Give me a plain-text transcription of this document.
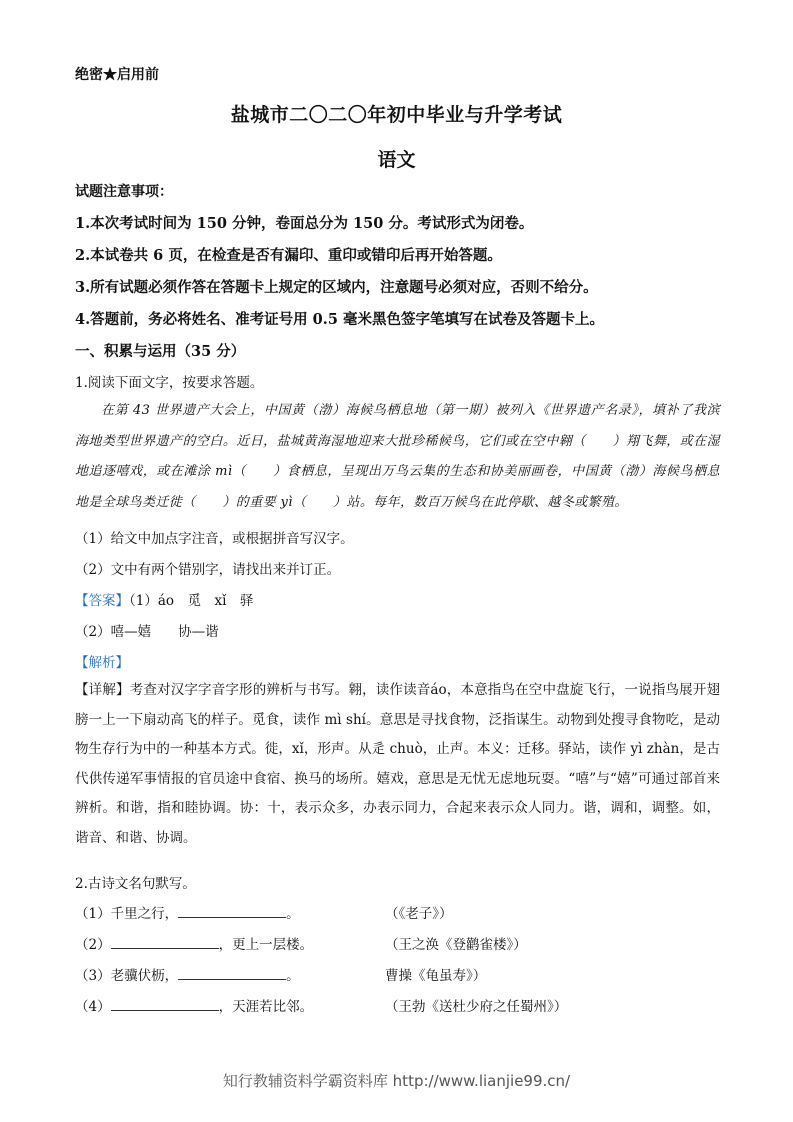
绝密★启用前
盐城市二〇二〇年初中毕业与升学考试
语文
试题注意事项：
1.本次考试时间为 150 分钟，卷面总分为 150 分。考试形式为闭卷。
2.本试卷共 6 页，在检查是否有漏印、重印或错印后再开始答题。
3.所有试题必须作答在答题卡上规定的区域内，注意题号必须对应，否则不给分。
4.答题前，务必将姓名、准考证号用 0.5 毫米黑色签字笔填写在试卷及答题卡上。
一、积累与运用（35 分）
1.阅读下面文字，按要求答题。
在第 43 世界遗产大会上，中国黄（渤）海候鸟栖息地（第一期）被列入《世界遗产名录》，填补了我滨海地类型世界遗产的空白。近日，盐城黄海湿地迎来大批珍稀候鸟，它们或在空中翱（　　）翔飞舞，或在湿地追逐嘻戏，或在滩涂 mì（　　）食栖息，呈现出万鸟云集的生态和协美丽画卷，中国黄（渤）海候鸟栖息地是全球鸟类迁徙（　　）的重要 yì（　　）站。每年，数百万候鸟在此停歇、越冬或繁殖。
（1）给文中加点字注音，或根据拼音写汉字。
（2）文中有两个错别字，请找出来并订正。
【答案】（1）áo　觅　xǐ　驿
（2）嘻—嬉　　协—谐
【解析】
【详解】考查对汉字字音字形的辨析与书写。翱，读作读音áo，本意指鸟在空中盘旋飞行，一说指鸟展开翅膀一上一下扇动高飞的样子。觅食，读作 mì shí。意思是寻找食物，泛指谋生。动物到处搜寻食物吃，是动物生存行为中的一种基本方式。徙，xǐ，形声。从辵 chuò，止声。本义：迁移。驿站，读作 yì zhàn，是古代供传递军事情报的官员途中食宿、换马的场所。嬉戏，意思是无忧无虑地玩耍。“嘻”与“嬉”可通过部首来辨析。和谐，指和睦协调。协：十，表示众多，办表示同力，合起来表示众人同力。谐，调和，调整。如，谐音、和谐、协调。
2.古诗文名句默写。
（1）千里之行，	。	（《老子》）
（2）	，更上一层楼。	（王之涣《登鹳雀楼》）
（3）老骥伏枥，	。	曹操《龟虽寿》）
（4）	，天涯若比邻。	（王勃《送杜少府之任蜀州》）
知行教辅资料学霸资料库 http://www.lianjie99.cn/
